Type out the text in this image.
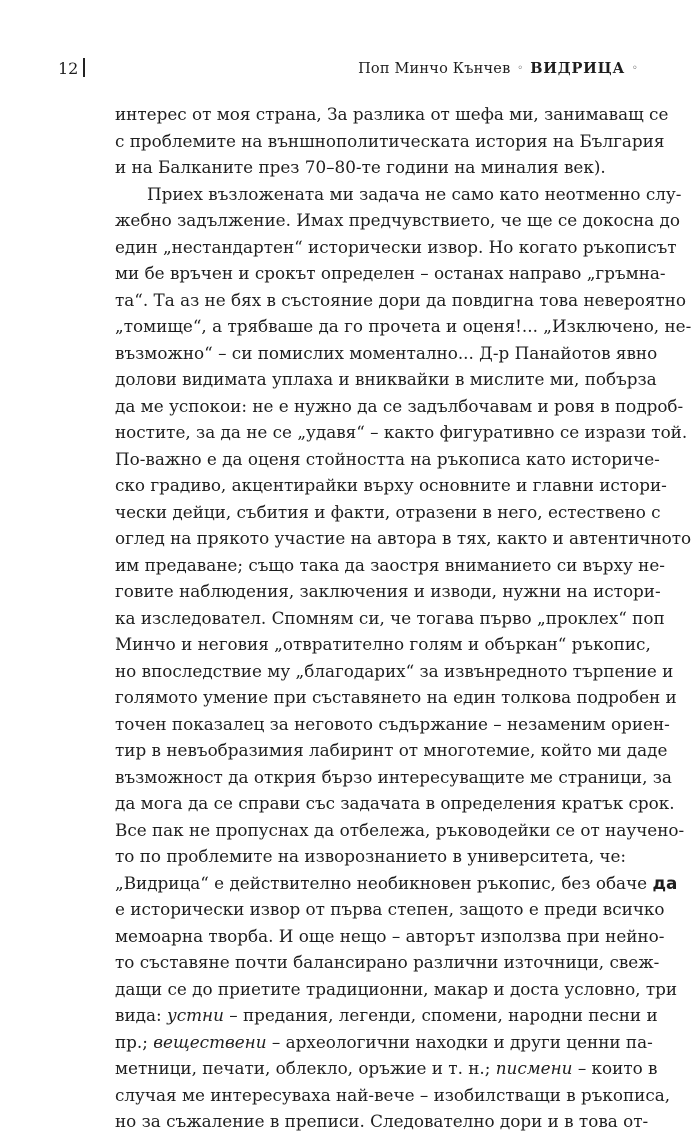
12	Поп Минчо Кънчев ◦ ВИДРИЦА ◦
интерес от моя страна, За разлика от шефа ми, занимаващ се
с проблемите на външнополитическата история на България
и на Балканите през 70–80-те години на миналия век).
Приех възложената ми задача не само като неотменно слу-
жебно задължение. Имах предчувствието, че ще се докосна до
един „нестандартен“ исторически извор. Но когато ръкописът
ми бе връчен и срокът определен – останах направо „гръмна-
та“. Та аз не бях в състояние дори да повдигна това невероятно
„томище“, а трябваше да го прочета и оценя!... „Изключено, не-
възможно“ – си помислих моментално... Д-р Панайотов явно
долови видимата уплаха и вниквайки в мислите ми, побърза
да ме успокои: не е нужно да се задълбочавам и ровя в подроб-
ностите, за да не се „удавя“ – както фигуративно се изрази той.
По-важно е да оценя стойността на ръкописа като историче-
ско градиво, акцентирайки върху основните и главни истори-
чески дейци, събития и факти, отразени в него, естествено с
оглед на прякото участие на автора в тях, както и автентичното
им предаване; също така да заостря вниманието си върху не-
говите наблюдения, заключения и изводи, нужни на истори-
ка изследовател. Спомням си, че тогава първо „проклех“ поп
Минчо и неговия „отвратително голям и объркан“ ръкопис,
но впоследствие му „благодарих“ за извънредното търпение и
голямото умение при съставянето на един толкова подробен и
точен показалец за неговото съдържание – незаменим ориен-
тир в невъобразимия лабиринт от многотемие, който ми даде
възможност да открия бързо интересуващите ме страници, за
да мога да се справи със задачата в определения кратък срок.
Все пак не пропуснах да отбележа, ръководейки се от научено-
то по проблемите на изворознанието в университета, че:
„Видрица“ е действително необикновен ръкопис, без обаче да
е исторически извор от първа степен, защото е преди всичко
мемоарна творба. И още нещо – авторът използва при нейно-
то съставяне почти балансирано различни източници, свеж-
дащи се до приетите традиционни, макар и доста условно, три
вида: устни – предания, легенди, спомени, народни песни и
пр.; веществени – археологични находки и други ценни па-
метници, печати, облекло, оръжие и т. н.; писмени – които в
случая ме интересуваха най-вече – изобилстващи в ръкописа,
но за съжаление в преписи. Следователно дори и в това от-
